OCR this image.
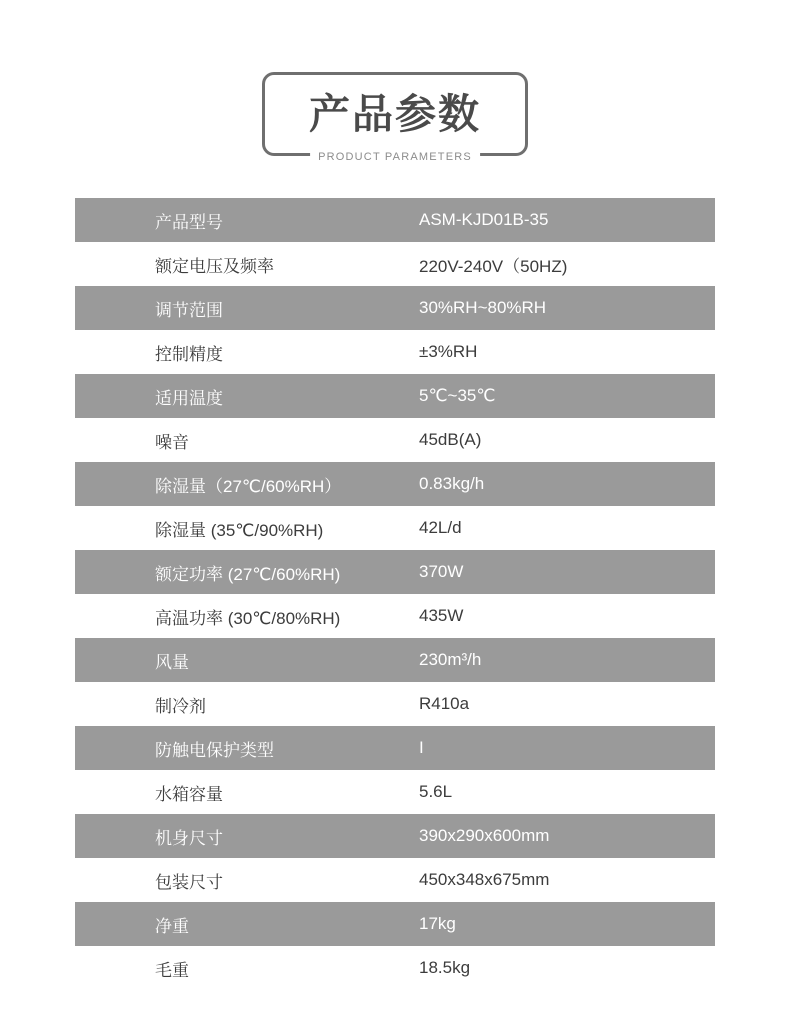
产品参数
PRODUCT PARAMETERS
产品型号	ASM-KJD01B-35
额定电压及频率	220V-240V（50HZ)
调节范围	30%RH~80%RH
控制精度	±3%RH
适用温度	5℃~35℃
噪音	45dB(A)
除湿量（27℃/60%RH）	0.83kg/h
除湿量 (35℃/90%RH)	42L/d
额定功率 (27℃/60%RH)	370W
高温功率 (30℃/80%RH)	435W
风量	230m³/h
制冷剂	R410a
防触电保护类型	I
水箱容量	5.6L
机身尺寸	390x290x600mm
包装尺寸	450x348x675mm
净重	17kg
毛重	18.5kg
